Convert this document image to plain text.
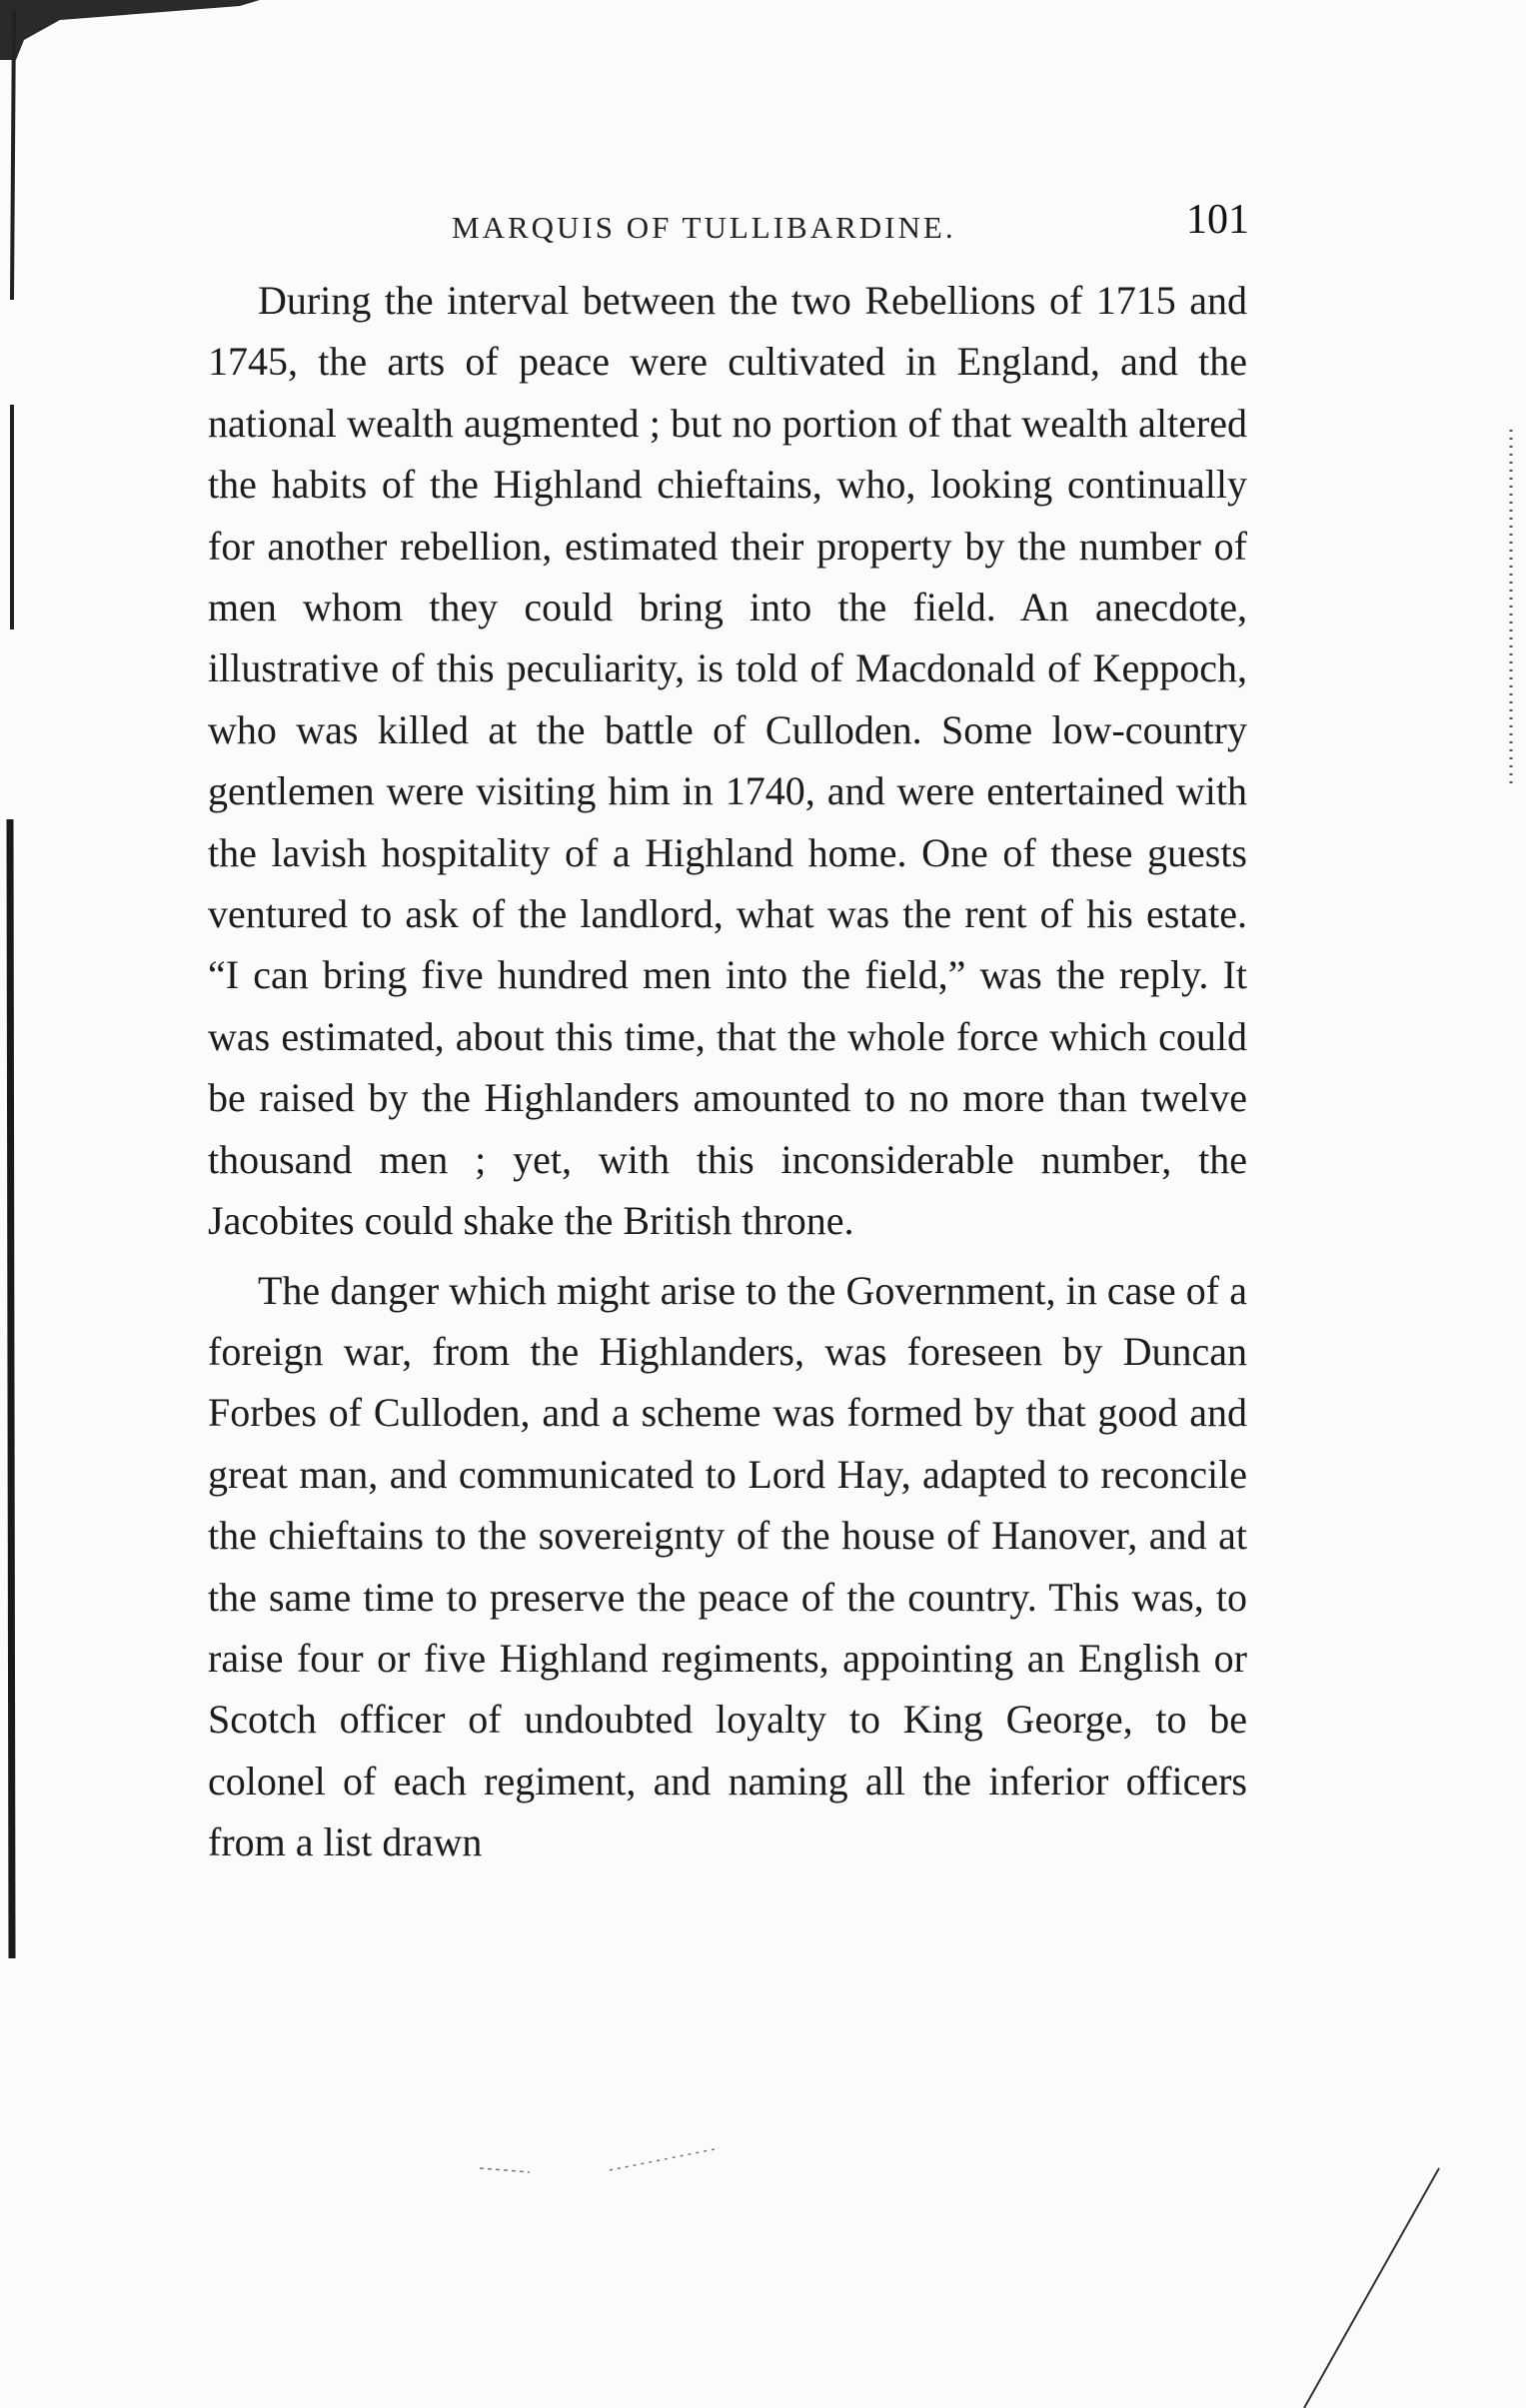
MARQUIS OF TULLIBARDINE.	101

During the interval between the two Rebellions of 1715 and 1745, the arts of peace were cultivated in England, and the national wealth augmented ; but no portion of that wealth altered the habits of the Highland chieftains, who, looking continually for another rebellion, estimated their property by the number of men whom they could bring into the field. An anecdote, illustrative of this peculiarity, is told of Macdonald of Keppoch, who was killed at the battle of Culloden. Some low-country gentlemen were visiting him in 1740, and were entertained with the lavish hospitality of a Highland home. One of these guests ventured to ask of the landlord, what was the rent of his estate. “I can bring five hundred men into the field,” was the reply. It was estimated, about this time, that the whole force which could be raised by the Highlanders amounted to no more than twelve thousand men ; yet, with this inconsiderable number, the Jacobites could shake the British throne.

The danger which might arise to the Government, in case of a foreign war, from the Highlanders, was foreseen by Duncan Forbes of Culloden, and a scheme was formed by that good and great man, and communicated to Lord Hay, adapted to reconcile the chieftains to the sovereignty of the house of Hanover, and at the same time to preserve the peace of the country. This was, to raise four or five Highland regiments, appointing an English or Scotch officer of undoubted loyalty to King George, to be colonel of each regiment, and naming all the inferior officers from a list drawn
